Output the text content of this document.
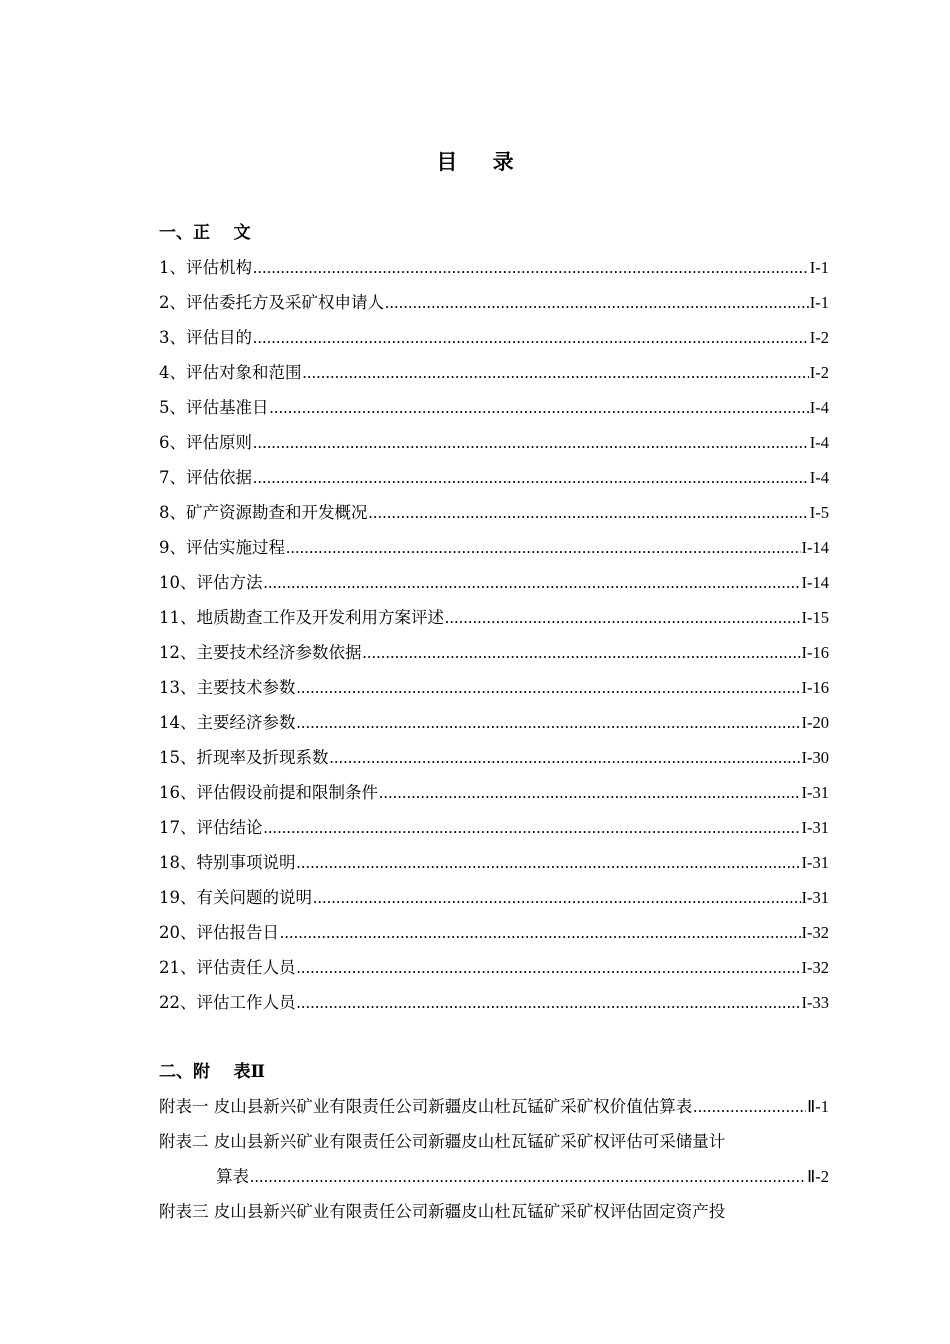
目 录
一、正    文
1、评估机构 .....	I-1
2、评估委托方及采矿权申请人 .....	I-1
3、评估目的 .....	I-2
4、评估对象和范围 .....	I-2
5、评估基准日 .....	I-4
6、评估原则 .....	I-4
7、评估依据 .....	I-4
8、矿产资源勘查和开发概况 .....	I-5
9、评估实施过程 .....	I-14
10、评估方法 .....	I-14
11、地质勘查工作及开发利用方案评述 .....	I-15
12、主要技术经济参数依据 .....	I-16
13、主要技术参数 .....	I-16
14、主要经济参数 .....	I-20
15、折现率及折现系数 .....	I-30
16、评估假设前提和限制条件 .....	I-31
17、评估结论 .....	I-31
18、特别事项说明 .....	I-31
19、有关问题的说明 .....	I-31
20、评估报告日 .....	I-32
21、评估责任人员 .....	I-32
22、评估工作人员 .....	I-33
二、附    表Ⅱ
附表一 皮山县新兴矿业有限责任公司新疆皮山杜瓦锰矿采矿权价值估算表 .....	Ⅱ-1
附表二 皮山县新兴矿业有限责任公司新疆皮山杜瓦锰矿采矿权评估可采储量计
算表 .....	Ⅱ-2
附表三 皮山县新兴矿业有限责任公司新疆皮山杜瓦锰矿采矿权评估固定资产投
